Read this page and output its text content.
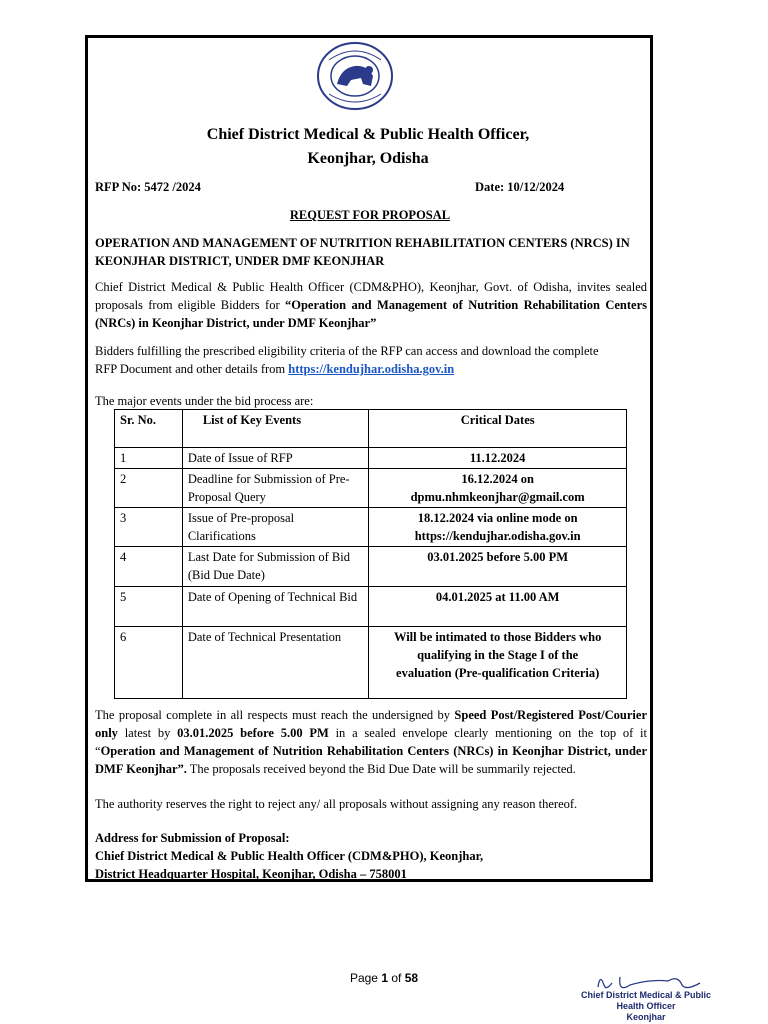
Chief District Medical & Public Health Officer,
Keonjhar, Odisha
RFP No: 5472 /2024	Date: 10/12/2024
REQUEST FOR PROPOSAL
OPERATION AND MANAGEMENT OF NUTRITION REHABILITATION CENTERS (NRCS) IN
KEONJHAR DISTRICT, UNDER DMF KEONJHAR
Chief District Medical & Public Health Officer (CDM&PHO), Keonjhar, Govt. of Odisha, invites sealed proposals from eligible Bidders for “Operation and Management of Nutrition Rehabilitation Centers (NRCs) in Keonjhar District, under DMF Keonjhar”
Bidders fulfilling the prescribed eligibility criteria of the RFP can access and download the complete
RFP Document and other details from https://kendujhar.odisha.gov.in
The major events under the bid process are:
Sr. No.	List of Key Events	Critical Dates
1	Date of Issue of RFP	11.12.2024
2	Deadline for Submission of Pre-Proposal Query	16.12.2024 on dpmu.nhmkeonjhar@gmail.com
3	Issue of Pre-proposal Clarifications	18.12.2024 via online mode on https://kendujhar.odisha.gov.in
4	Last Date for Submission of Bid (Bid Due Date)	03.01.2025 before 5.00 PM
5	Date of Opening of Technical Bid	04.01.2025 at 11.00 AM
6	Date of Technical Presentation	Will be intimated to those Bidders who qualifying in the Stage I of the evaluation (Pre-qualification Criteria)
The proposal complete in all respects must reach the undersigned by Speed Post/Registered Post/Courier only latest by 03.01.2025 before 5.00 PM in a sealed envelope clearly mentioning on the top of it “Operation and Management of Nutrition Rehabilitation Centers (NRCs) in Keonjhar District, under DMF Keonjhar”. The proposals received beyond the Bid Due Date will be summarily rejected.
The authority reserves the right to reject any/ all proposals without assigning any reason thereof.
Address for Submission of Proposal:
Chief District Medical & Public Health Officer (CDM&PHO), Keonjhar,
District Headquarter Hospital, Keonjhar, Odisha – 758001
Page 1 of 58
Chief District Medical & Public Health Officer
Keonjhar
